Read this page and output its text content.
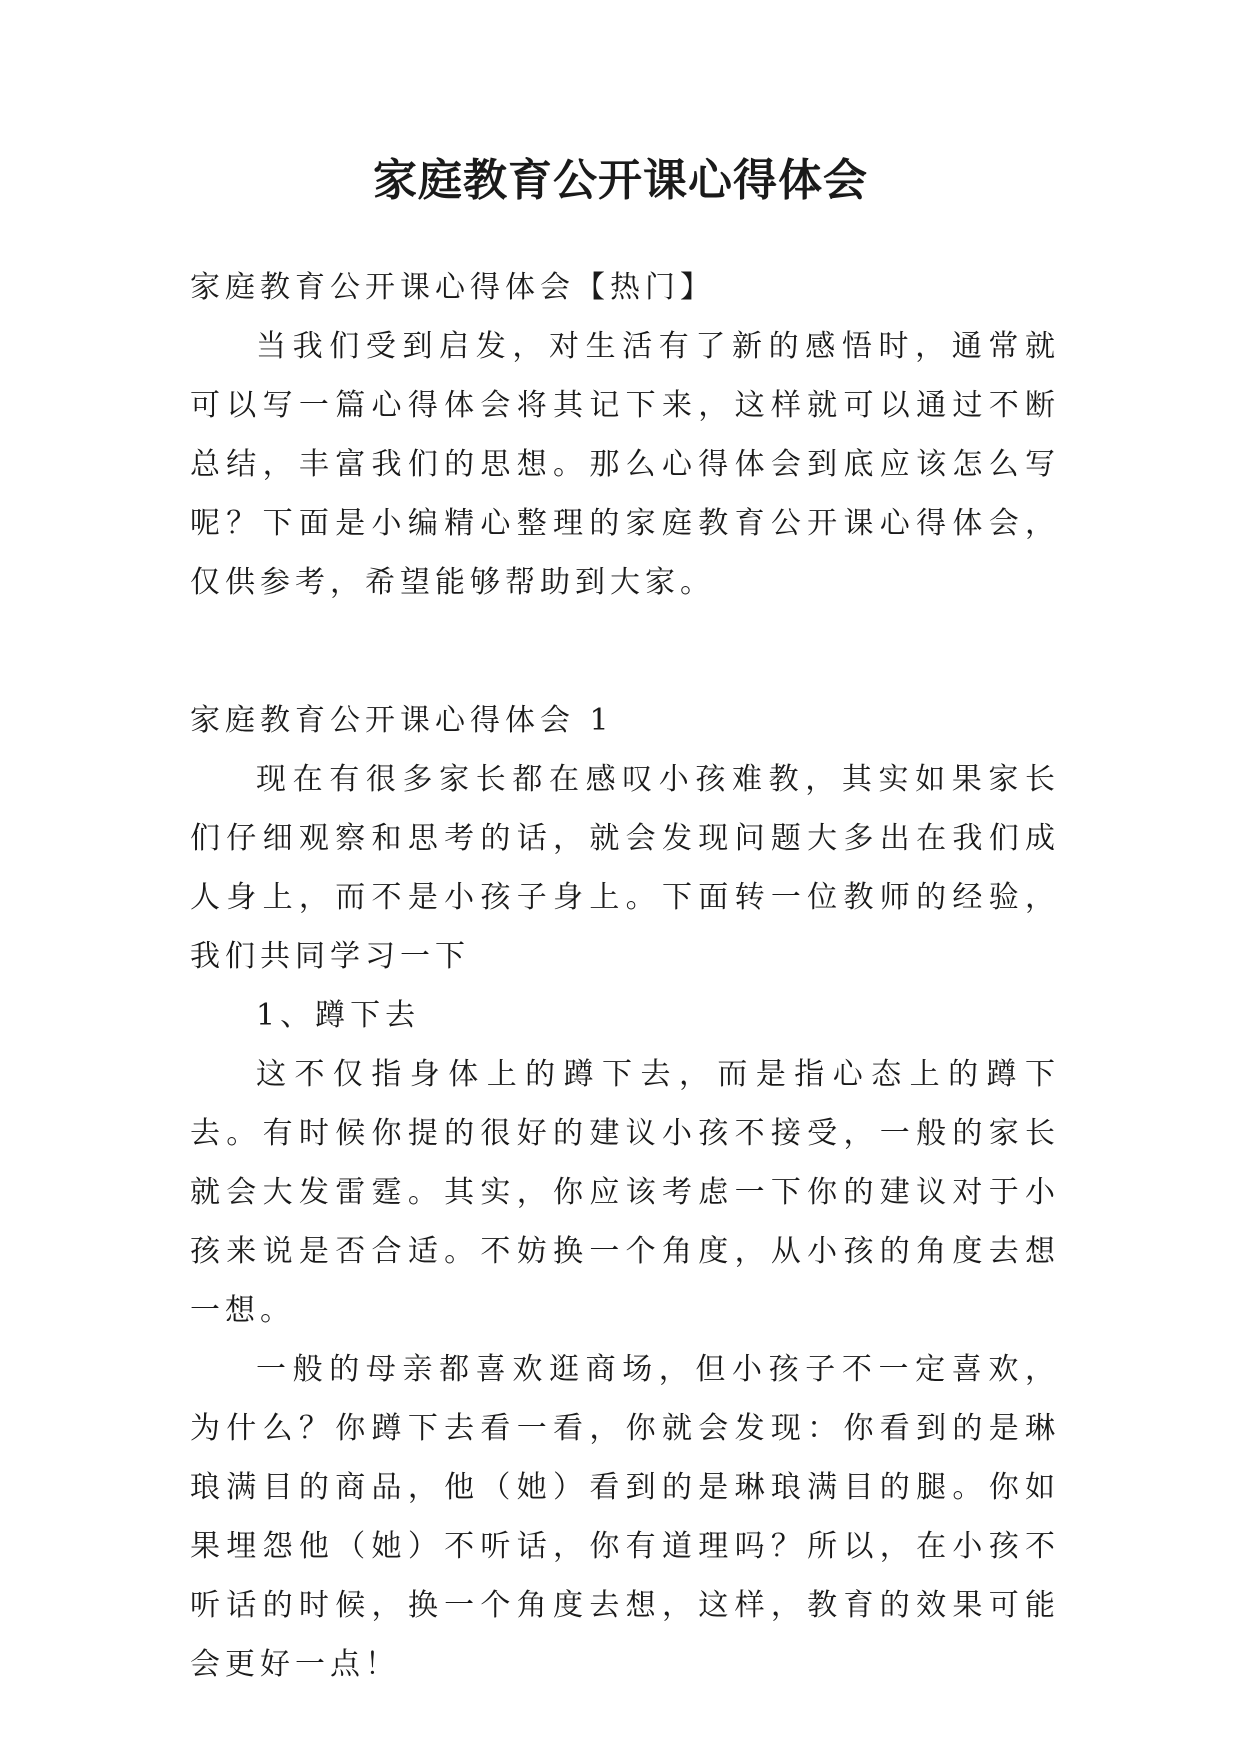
家庭教育公开课心得体会

家庭教育公开课心得体会【热门】

当我们受到启发，对生活有了新的感悟时，通常就可以写一篇心得体会将其记下来，这样就可以通过不断总结，丰富我们的思想。那么心得体会到底应该怎么写呢？下面是小编精心整理的家庭教育公开课心得体会，仅供参考，希望能够帮助到大家。

家庭教育公开课心得体会 1

现在有很多家长都在感叹小孩难教，其实如果家长们仔细观察和思考的话，就会发现问题大多出在我们成人身上，而不是小孩子身上。下面转一位教师的经验，我们共同学习一下

1、蹲下去

这不仅指身体上的蹲下去，而是指心态上的蹲下去。有时候你提的很好的建议小孩不接受，一般的家长就会大发雷霆。其实，你应该考虑一下你的建议对于小孩来说是否合适。不妨换一个角度，从小孩的角度去想一想。

一般的母亲都喜欢逛商场，但小孩子不一定喜欢，为什么？你蹲下去看一看，你就会发现：你看到的是琳琅满目的商品，他（她）看到的是琳琅满目的腿。你如果埋怨他（她）不听话，你有道理吗？所以，在小孩不听话的时候，换一个角度去想，这样，教育的效果可能会更好一点！
